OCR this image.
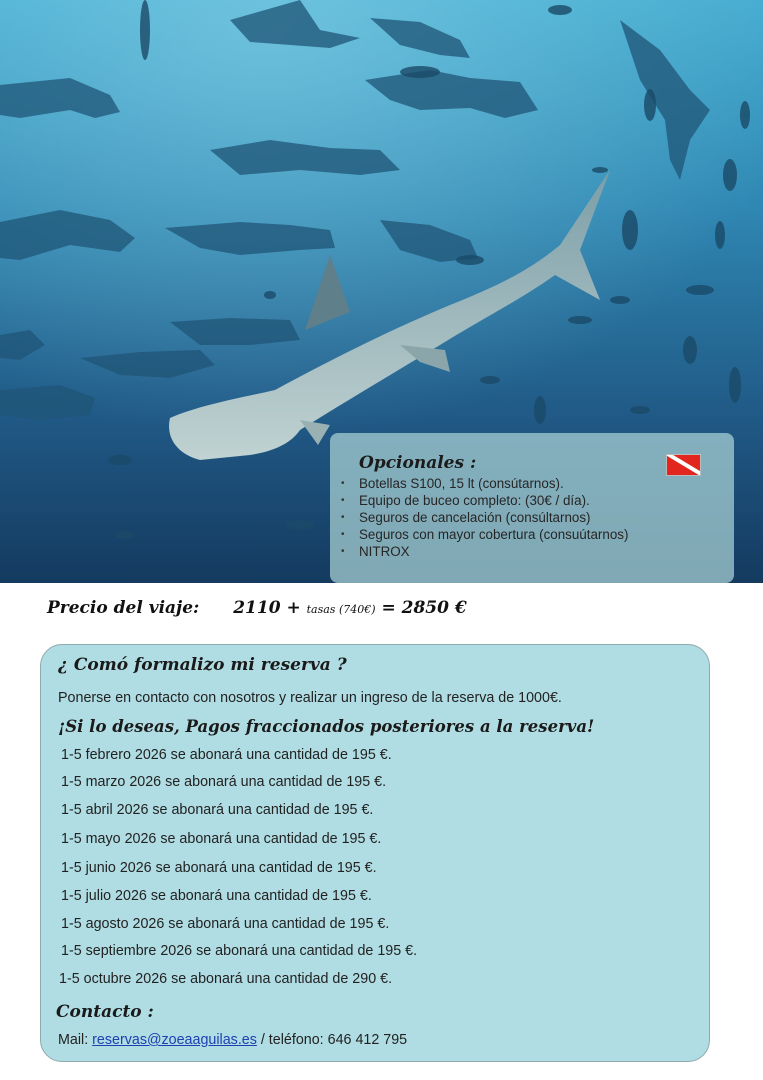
Opcionales :
• Botellas S100, 15 lt (consútarnos).
• Equipo de buceo completo: (30€ / día).
• Seguros de cancelación (consúltarnos)
• Seguros con mayor cobertura (consuútarnos)
• NITROX
Precio del viaje: 2110 + tasas (740€) = 2850 €
¿ Comó formalizo mi reserva ?
Ponerse en contacto con nosotros y realizar un ingreso de la reserva de 1000€.
¡Si lo deseas, Pagos fraccionados posteriores a la reserva!
1-5 febrero 2026 se abonará una cantidad de 195 €.
1-5 marzo 2026 se abonará una cantidad de 195 €.
1-5 abril 2026 se abonará una cantidad de 195 €.
1-5 mayo 2026 se abonará una cantidad de 195 €.
1-5 junio 2026 se abonará una cantidad de 195 €.
1-5 julio 2026 se abonará una cantidad de 195 €.
1-5 agosto 2026 se abonará una cantidad de 195 €.
1-5 septiembre 2026 se abonará una cantidad de 195 €.
1-5 octubre 2026 se abonará una cantidad de 290 €.
Contacto :
Mail: reservas@zoeaaguilas.es / teléfono: 646 412 795
